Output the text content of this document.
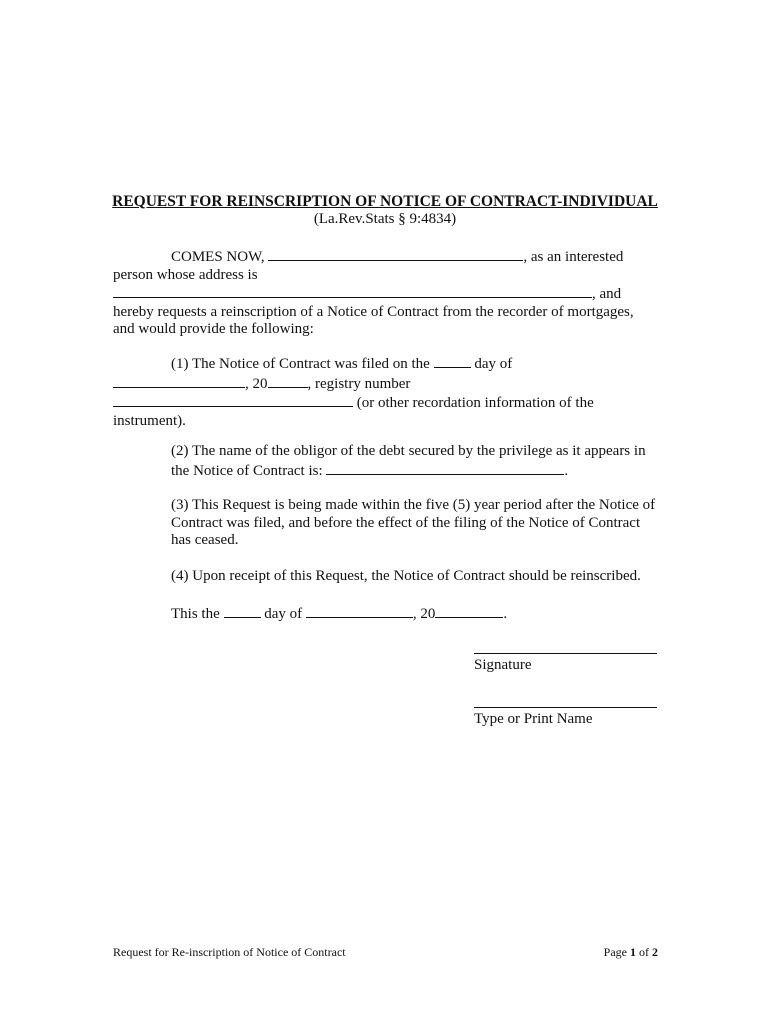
REQUEST FOR REINSCRIPTION OF NOTICE OF CONTRACT-INDIVIDUAL
(La.Rev.Stats § 9:4834)
COMES NOW,	, as an interested
person whose address is
, and
hereby requests a reinscription of a Notice of Contract from the recorder of mortgages, and would provide the following:
(1) The Notice of Contract was filed on the	day of
, 20	, registry number
(or other recordation information of the instrument).
(2) The name of the obligor of the debt secured by the privilege as it appears in the Notice of Contract is:	.
(3) This Request is being made within the five (5) year period after the Notice of Contract was filed, and before the effect of the filing of the Notice of Contract has ceased.
(4) Upon receipt of this Request, the Notice of Contract should be reinscribed.
This the	day of	, 20	.
Signature
Type or Print Name
Request for Re-inscription of Notice of Contract	Page 1 of 2
